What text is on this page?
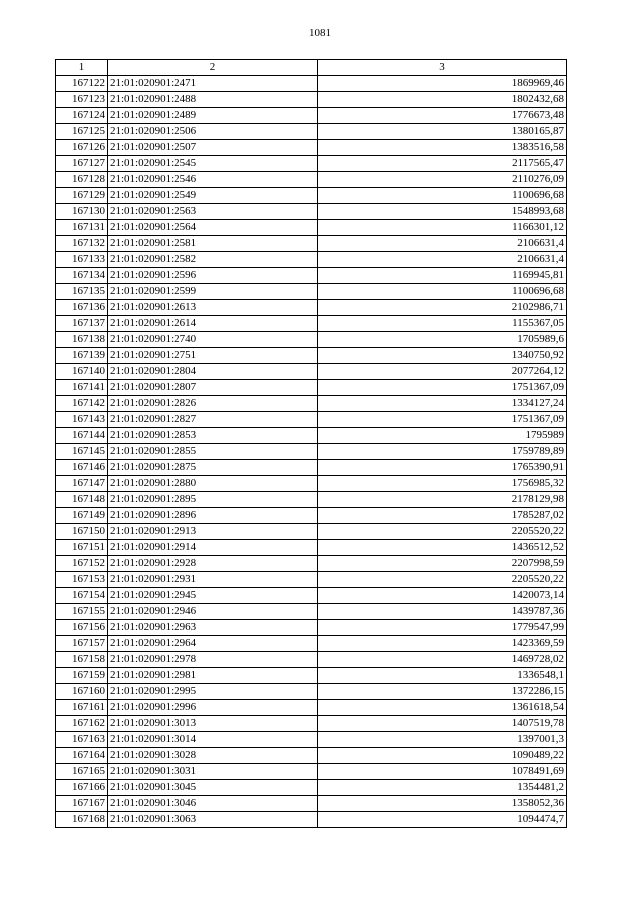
1081
1	2	3
167122	21:01:020901:2471	1869969,46
167123	21:01:020901:2488	1802432,68
167124	21:01:020901:2489	1776673,48
167125	21:01:020901:2506	1380165,87
167126	21:01:020901:2507	1383516,58
167127	21:01:020901:2545	2117565,47
167128	21:01:020901:2546	2110276,09
167129	21:01:020901:2549	1100696,68
167130	21:01:020901:2563	1548993,68
167131	21:01:020901:2564	1166301,12
167132	21:01:020901:2581	2106631,4
167133	21:01:020901:2582	2106631,4
167134	21:01:020901:2596	1169945,81
167135	21:01:020901:2599	1100696,68
167136	21:01:020901:2613	2102986,71
167137	21:01:020901:2614	1155367,05
167138	21:01:020901:2740	1705989,6
167139	21:01:020901:2751	1340750,92
167140	21:01:020901:2804	2077264,12
167141	21:01:020901:2807	1751367,09
167142	21:01:020901:2826	1334127,24
167143	21:01:020901:2827	1751367,09
167144	21:01:020901:2853	1795989
167145	21:01:020901:2855	1759789,89
167146	21:01:020901:2875	1765390,91
167147	21:01:020901:2880	1756985,32
167148	21:01:020901:2895	2178129,98
167149	21:01:020901:2896	1785287,02
167150	21:01:020901:2913	2205520,22
167151	21:01:020901:2914	1436512,52
167152	21:01:020901:2928	2207998,59
167153	21:01:020901:2931	2205520,22
167154	21:01:020901:2945	1420073,14
167155	21:01:020901:2946	1439787,36
167156	21:01:020901:2963	1779547,99
167157	21:01:020901:2964	1423369,59
167158	21:01:020901:2978	1469728,02
167159	21:01:020901:2981	1336548,1
167160	21:01:020901:2995	1372286,15
167161	21:01:020901:2996	1361618,54
167162	21:01:020901:3013	1407519,78
167163	21:01:020901:3014	1397001,3
167164	21:01:020901:3028	1090489,22
167165	21:01:020901:3031	1078491,69
167166	21:01:020901:3045	1354481,2
167167	21:01:020901:3046	1358052,36
167168	21:01:020901:3063	1094474,7
